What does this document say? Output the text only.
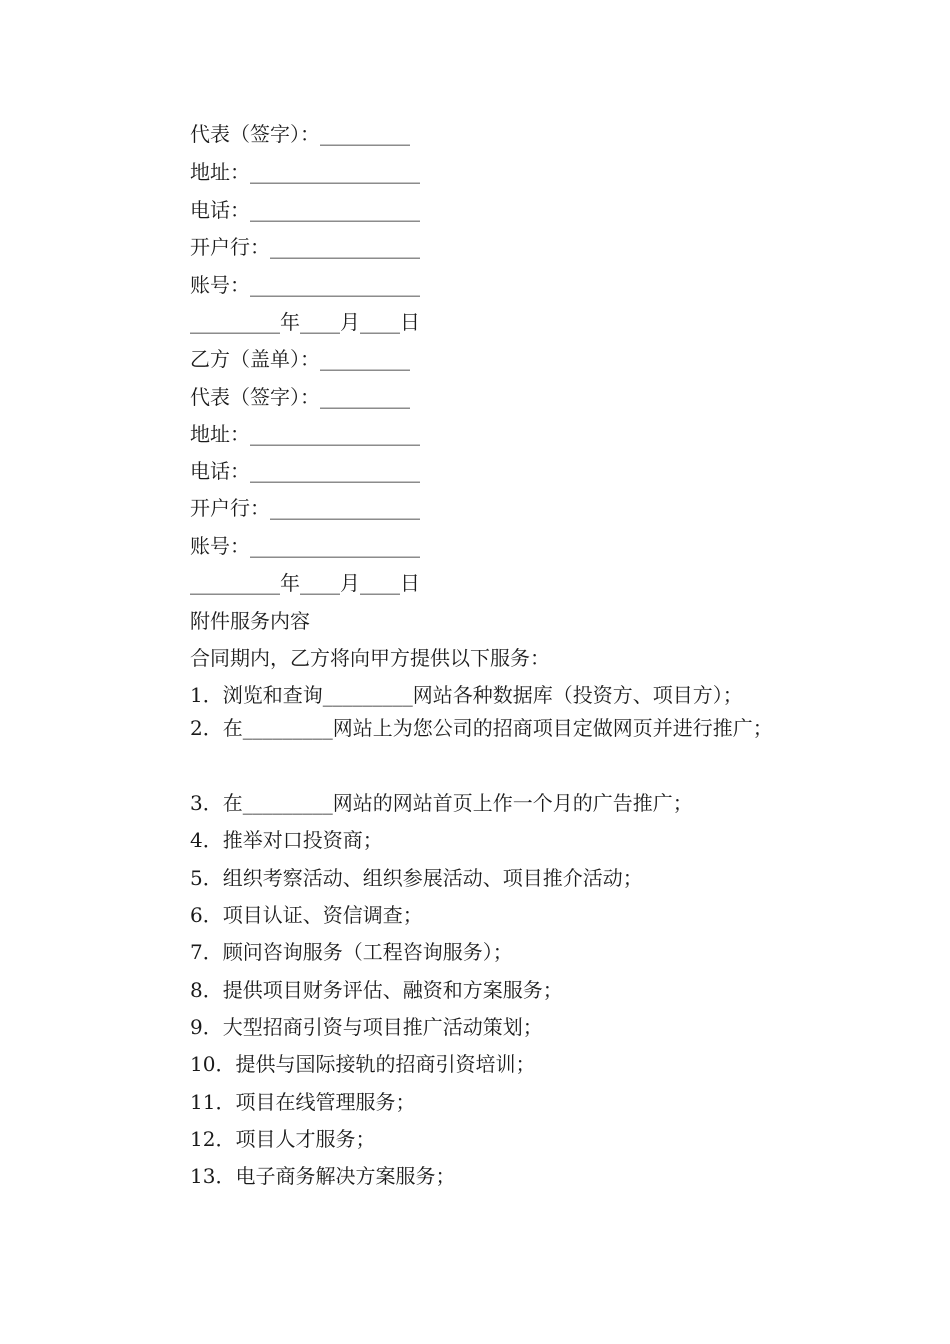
代表（签字）：_________
地址：_________________
电话：_________________
开户行：_______________
账号：_________________
_________年____月____日
乙方（盖单）：_________
代表（签字）：_________
地址：_________________
电话：_________________
开户行：_______________
账号：_________________
_________年____月____日
附件服务内容
合同期内，乙方将向甲方提供以下服务：
1．浏览和查询_________网站各种数据库（投资方、项目方）；
2．在_________网站上为您公司的招商项目定做网页并进行推广；
3．在_________网站的网站首页上作一个月的广告推广；
4．推举对口投资商；
5．组织考察活动、组织参展活动、项目推介活动；
6．项目认证、资信调查；
7．顾问咨询服务（工程咨询服务）；
8．提供项目财务评估、融资和方案服务；
9．大型招商引资与项目推广活动策划；
10．提供与国际接轨的招商引资培训；
11．项目在线管理服务；
12．项目人才服务；
13．电子商务解决方案服务；
